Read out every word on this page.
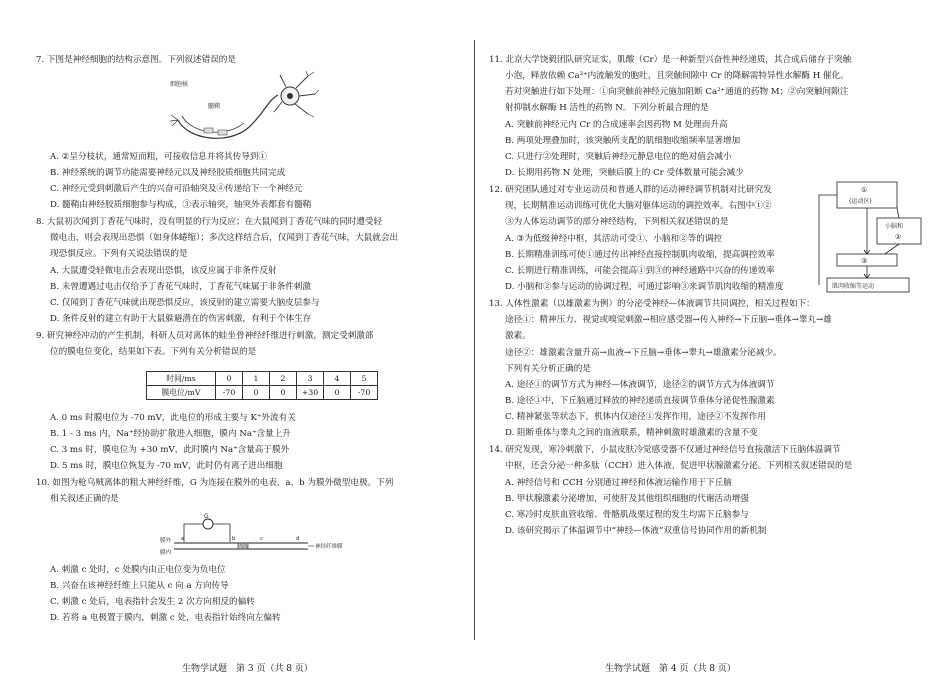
7. 下图是神经细胞的结构示意图。下列叙述错误的是
细胞核
髓鞘
A. ②呈分枝状，通常短而粗，可接收信息并将其传导到①
B. 神经系统的调节功能需要神经元以及神经胶质细胞共同完成
C. 神经元受到刺激后产生的兴奋可沿轴突及④传递给下一个神经元
D. 髓鞘由神经胶质细胞参与构成，③表示轴突，轴突外表都套有髓鞘
8. 大鼠初次闻到丁香花气味时，没有明显的行为反应；在大鼠闻到丁香花气味的同时遭受轻
微电击，则会表现出恐惧（如身体蜷缩）；多次这样结合后，仅闻到丁香花气味，大鼠就会出
现恐惧反应。下列有关说法错误的是
A. 大鼠遭受轻微电击会表现出恐惧，该反应属于非条件反射
B. 未曾遭遇过电击仅给予丁香花气味时，丁香花气味属于非条件刺激
C. 仅闻到丁香花气味就出现恐惧反应，该反射的建立需要大脑皮层参与
D. 条件反射的建立有助于大鼠躲避潜在的伤害刺激，有利于个体生存
9. 研究神经冲动的产生机制，科研人员对离体的蛙坐骨神经纤维进行刺激，测定受刺激部
位的膜电位变化，结果如下表。下列有关分析错误的是
时间/ms	0	1	2	3	4	5
膜电位/mV	-70	0	0	+30	0	-70
A. 0 ms 时膜电位为 -70 mV，此电位的形成主要与 K⁺外流有关
B. 1 - 3 ms 内，Na⁺经协助扩散进入细胞，膜内 Na⁺含量上升
C. 3 ms 时，膜电位为 +30 mV，此时膜内 Na⁺含量高于膜外
D. 5 ms 时，膜电位恢复为 -70 mV，此时仍有离子进出细胞
10. 如图为枪乌贼离体的粗大神经纤维，G 为连接在膜外的电表，a、b 为膜外微型电极。下列
相关叙述正确的是
G
膜外
膜内
a	b	c	d
神经纤维膜
A. 刺激 c 处时，c 处膜内由正电位变为负电位
B. 兴奋在该神经纤维上只能从 c 向 a 方向传导
C. 刺激 c 处后，电表指针会发生 2 次方向相反的偏转
D. 若将 a 电极置于膜内，刺激 c 处，电表指针始终向左偏转
生物学试题　第 3 页（共 8 页）
11. 北京大学饶毅团队研究证实，肌酸（Cr）是一种新型兴奋性神经递质，其合成后储存于突触
小泡，释放依赖 Ca²⁺内流触发的胞吐，且突触间隙中 Cr 的降解需特异性水解酶 H 催化。
若对突触进行如下处理：①向突触前神经元施加阻断 Ca²⁺通道的药物 M；②向突触间隙注
射抑制水解酶 H 活性的药物 N。下列分析最合理的是
A. 突触前神经元内 Cr 的合成速率会因药物 M 处理而升高
B. 两项处理叠加时，该突触所支配的肌细胞收缩频率显著增加
C. 只进行②处理时，突触后神经元静息电位的绝对值会减小
D. 长期用药物 N 处理，突触后膜上的 Cr 受体数量可能会减少
12. 研究团队通过对专业运动员和普通人群的运动神经调节机制对比研究发
现，长期精准运动训练可优化大脑对躯体运动的调控效率。右图中①②
③为人体运动调节的部分神经结构，下列相关叙述错误的是
A. ③为低级神经中枢，其活动可受①、小脑和②等的调控
B. 长期精准训练可使①通过传出神经直接控制肌肉收缩，提高调控效率
C. 长期进行精准训练，可能会提高①到③的神经通路中兴奋的传递效率
D. 小脑和②参与运动的协调过程，可通过影响③来调节肌肉收缩的精准度
①
(运动区)
小脑和
②
③
肌肉收缩等运动
13. 人体性激素（以雄激素为例）的分泌受神经—体液调节共同调控，相关过程如下：
途径①：精神压力、视觉或嗅觉刺激→相应感受器→传入神经→下丘脑→垂体→睾丸→雄
激素。
途径②：雄激素含量升高→血液→下丘脑→垂体→睾丸→雄激素分泌减少。
下列有关分析正确的是
A. 途径①的调节方式为神经—体液调节，途径②的调节方式为体液调节
B. 途径①中，下丘脑通过释放的神经递质直接调节垂体分泌促性腺激素
C. 精神紧张等状态下，机体内仅途径①发挥作用，途径②不发挥作用
D. 阻断垂体与睾丸之间的血液联系，精神刺激时雄激素的含量不变
14. 研究发现，寒冷刺激下，小鼠皮肤冷觉感受器不仅通过神经信号直接激活下丘脑体温调节
中枢，还会分泌一种多肽（CCH）进入体液，促进甲状腺激素分泌。下列相关叙述错误的是
A. 神经信号和 CCH 分别通过神经和体液运输作用于下丘脑
B. 甲状腺激素分泌增加，可使肝及其他组织细胞的代谢活动增强
C. 寒冷时皮肤血管收缩、骨骼肌战栗过程的发生均需下丘脑参与
D. 该研究揭示了体温调节中“神经—体液”双重信号协同作用的新机制
生物学试题　第 4 页（共 8 页）
